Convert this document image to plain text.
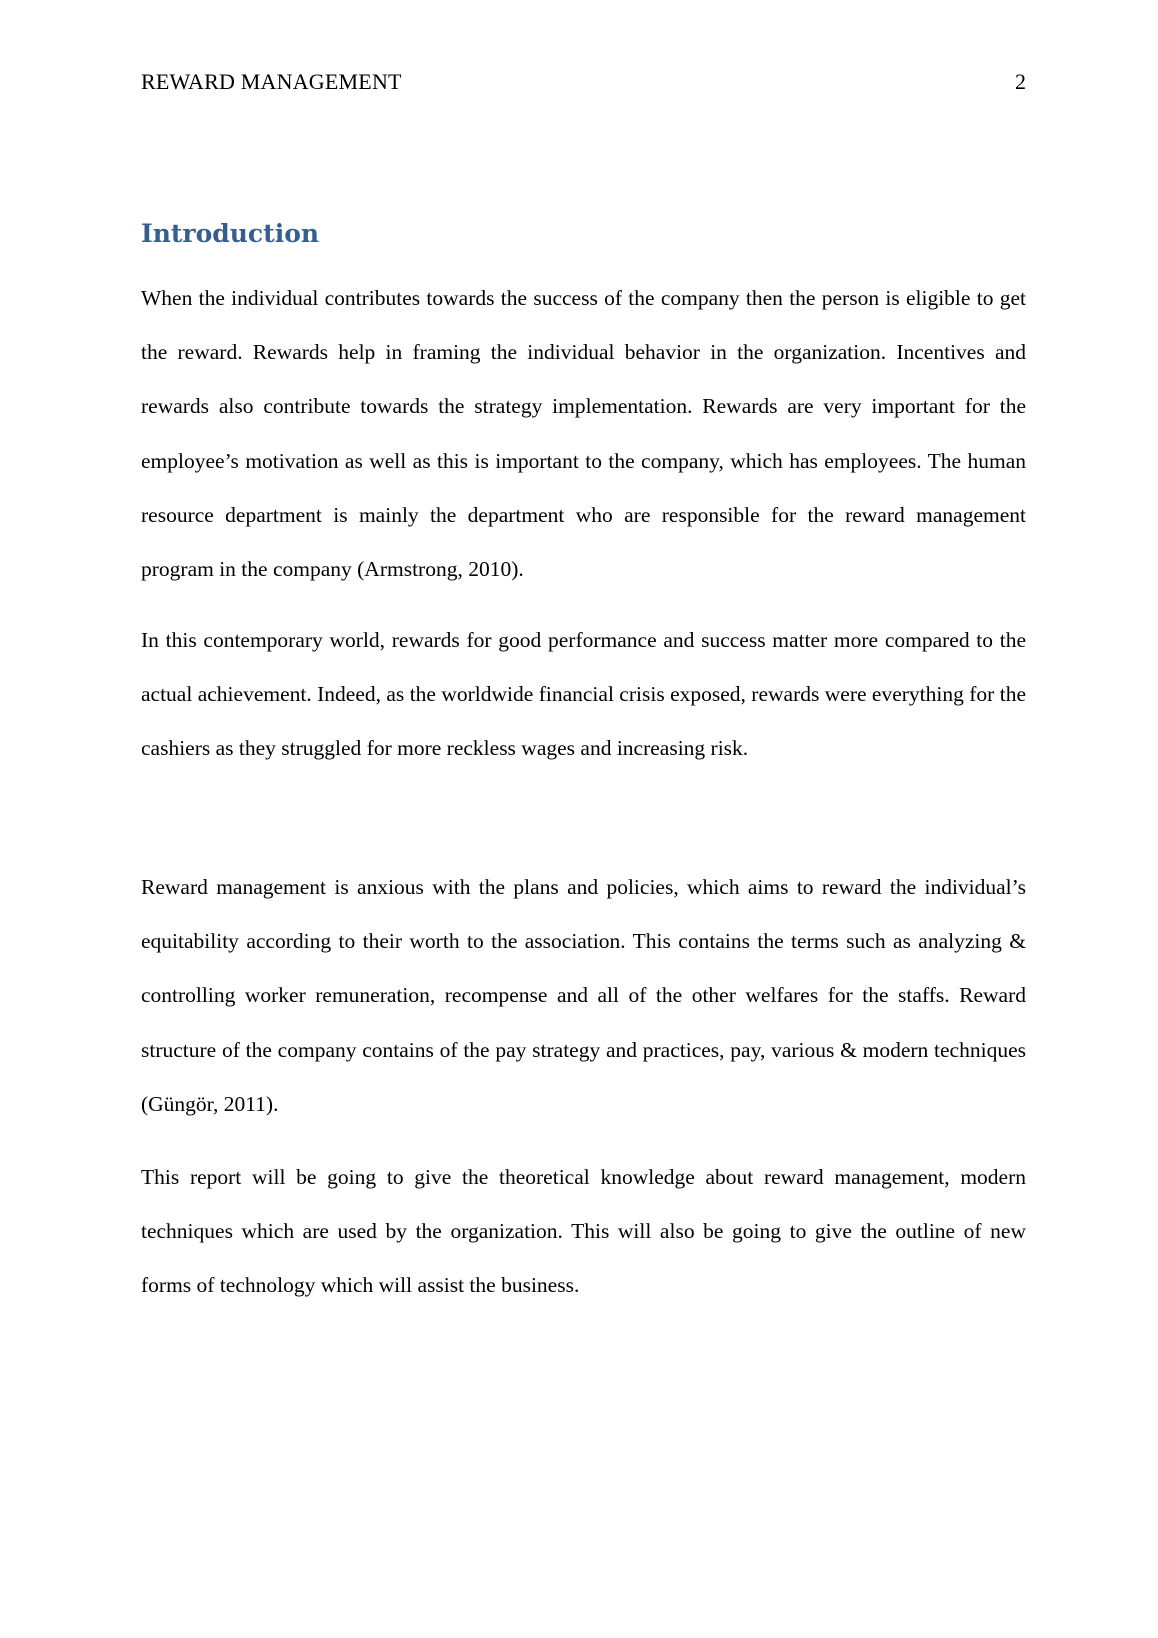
REWARD MANAGEMENT	2
Introduction

When the individual contributes towards the success of the company then the person is eligible to get the reward. Rewards help in framing the individual behavior in the organization. Incentives and rewards also contribute towards the strategy implementation. Rewards are very important for the employee’s motivation as well as this is important to the company, which has employees. The human resource department is mainly the department who are responsible for the reward management program in the company (Armstrong, 2010).

In this contemporary world, rewards for good performance and success matter more compared to the actual achievement. Indeed, as the worldwide financial crisis exposed, rewards were everything for the cashiers as they struggled for more reckless wages and increasing risk.

Reward management is anxious with the plans and policies, which aims to reward the individual’s equitability according to their worth to the association. This contains the terms such as analyzing & controlling worker remuneration, recompense and all of the other welfares for the staffs. Reward structure of the company contains of the pay strategy and practices, pay, various & modern techniques (Güngör, 2011).

This report will be going to give the theoretical knowledge about reward management, modern techniques which are used by the organization. This will also be going to give the outline of new forms of technology which will assist the business.
